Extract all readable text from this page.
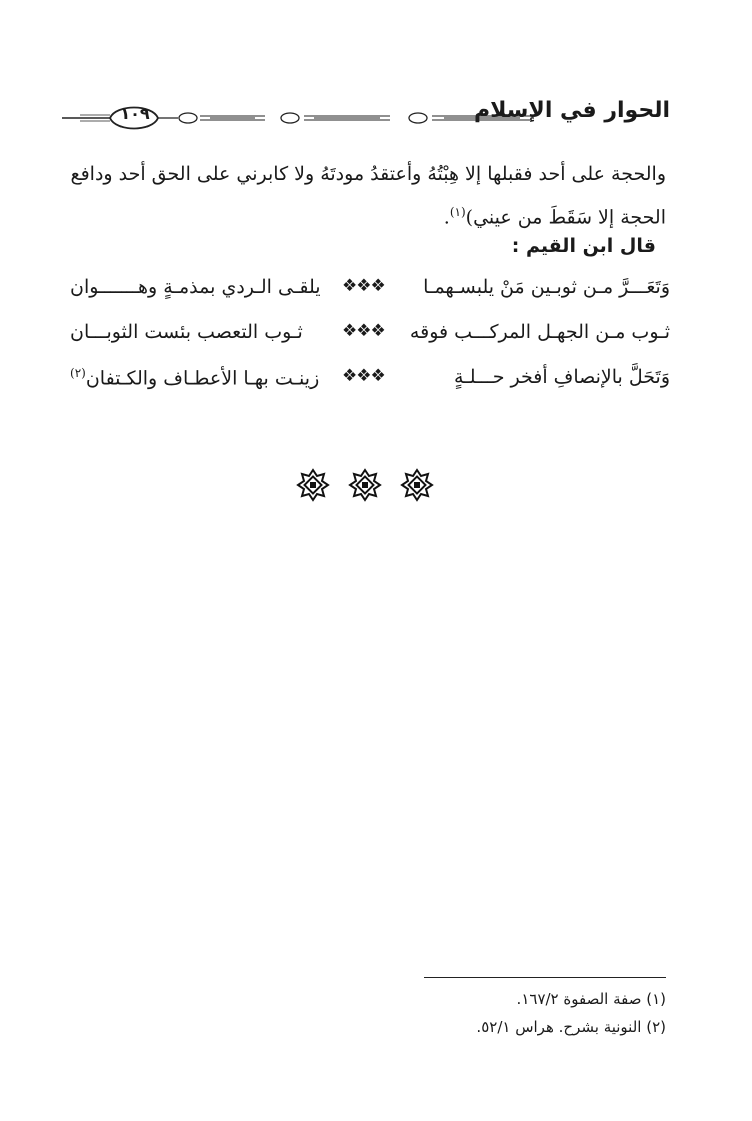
الحوار في الإسلام
١٠٩
والحجة على أحد فقبلها إلا هِبْتُهُ وأعتقدُ مودتَهُ ولا كابرني على الحق أحد ودافع
الحجة إلا سَقَطَ من عيني)$^{(١)}$.
قال ابن القيم :
وَتَعَـــرَّ مـن ثوبـين مَنْ يلبسـهمـا
❖❖❖
يلقـى الـردي بمذمـةٍ وهـــــــوان
ثـوب مـن الجهـل المركـــب فوقه
❖❖❖
ثـوب التعصب بئست الثوبـــان
وَتَحَلَّ بالإنصافِ أفخر حـــلـةٍ
❖❖❖
زينـت بهـا الأعطـاف والكـتفان$^{(٢)}$
(١) صفة الصفوة ١٦٧/٢.
(٢) النونية بشرح. هراس ٥٢/١.
